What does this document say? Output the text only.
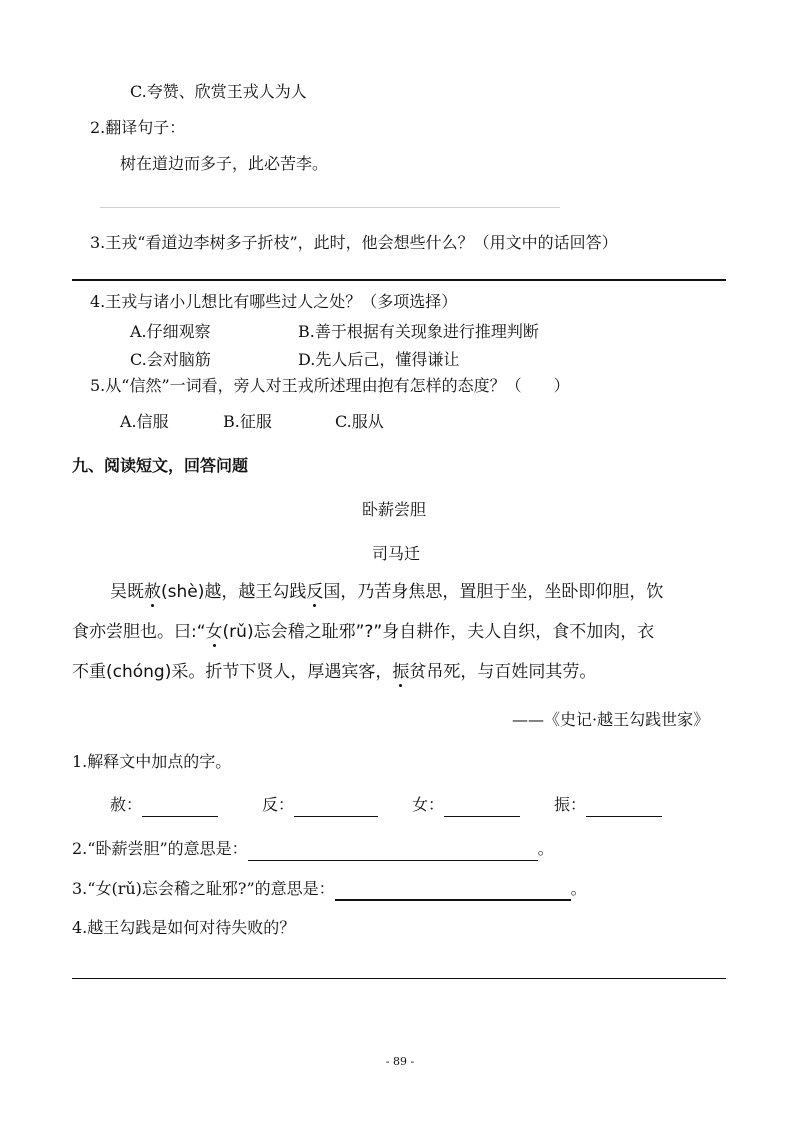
C.夸赞、欣赏王戎人为人
2.翻译句子：
树在道边而多子，此必苦李。
3.王戎“看道边李树多子折枝”，此时，他会想些什么？（用文中的话回答）
4.王戎与诸小儿想比有哪些过人之处？（多项选择）
A.仔细观察	B.善于根据有关现象进行推理判断
C.会对脑筋	D.先人后己，懂得谦让
5.从“信然”一词看，旁人对王戎所述理由抱有怎样的态度？（　　）
A.信服	B.征服	C.服从
九、阅读短文，回答问题
卧薪尝胆
司马迁
吴既赦(shè)越，越王勾践反国，乃苦身焦思，置胆于坐，坐卧即仰胆，饮
食亦尝胆也。曰:“女(rǔ)忘会稽之耻邪”?”身自耕作，夫人自织，食不加肉，衣
不重(chóng)采。折节下贤人，厚遇宾客，振贫吊死，与百姓同其劳。
——《史记·越王勾践世家》
1.解释文中加点的字。
赦：	反：	女：	振：
2.“卧薪尝胆”的意思是：	。
3.“女(rǔ)忘会稽之耻邪?”的意思是：	。
4.越王勾践是如何对待失败的？
- 89 -
